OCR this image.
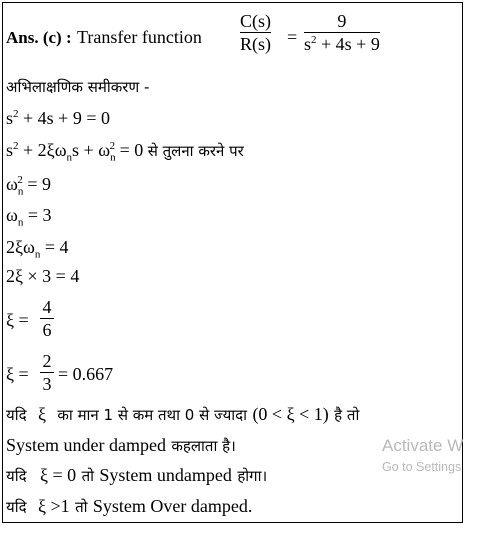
Ans. (c) : Transfer function
C(s)
R(s) =
9
$s^2 + 4s + 9$
अभिलाक्षणिक समीकरण -
$s^2 + 4s + 9 = 0$
$s^2 + 2\xi\omega_ns + \omega_n^2 = 0$ से तुलना करने पर
$\omega_n^2 = 9$
$\omega_n = 3$
$2\xi\omega_n = 4$
2ξ × 3 = 4
ξ =
4
6
ξ =
2
3 = 0.667
यदि ξ का मान 1 से कम तथा 0 से ज्यादा (0 < ξ < 1) है तो
System under damped कहलाता है।
यदि ξ = 0 तो System undamped होगा।
यदि ξ >1 तो System Over damped.
Activate W
Go to Settings
